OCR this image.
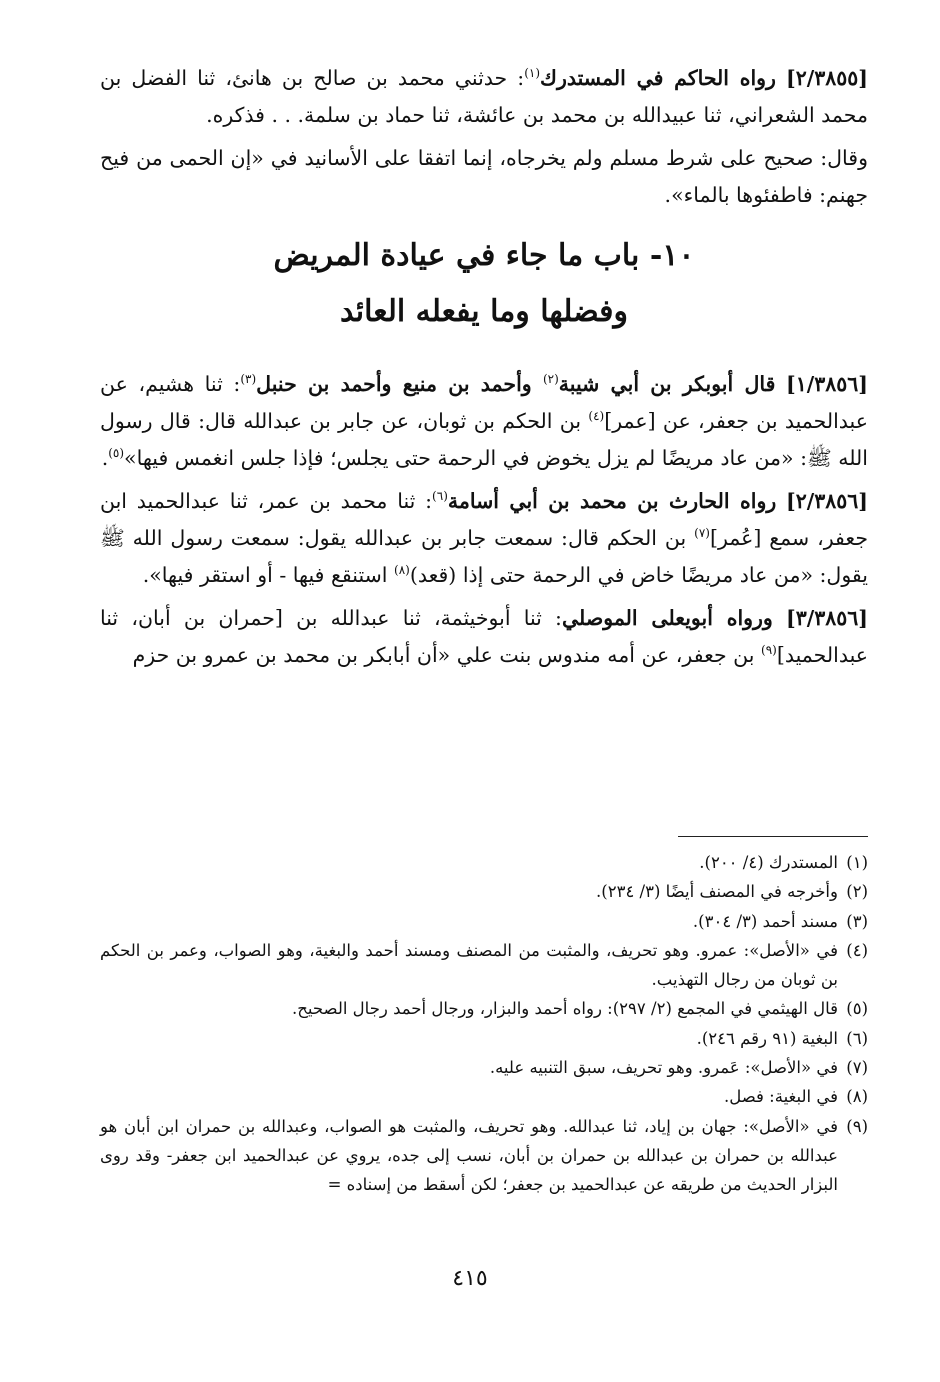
[٢/٣٨٥٥] رواه الحاكم في المستدرك$^{(١)}$: حدثني محمد بن صالح بن هانئ، ثنا الفضل بن محمد الشعراني، ثنا عبيدالله بن محمد بن عائشة، ثنا حماد بن سلمة. . . فذكره.

وقال: صحيح على شرط مسلم ولم يخرجاه، إنما اتفقا على الأسانيد في «إن الحمى من فيح جهنم: فاطفئوها بالماء».

١٠- باب ما جاء في عيادة المريض
وفضلها وما يفعله العائد

[١/٣٨٥٦] قال أبوبكر بن أبي شيبة$^{(٢)}$ وأحمد بن منيع وأحمد بن حنبل$^{(٣)}$: ثنا هشيم، عن عبدالحميد بن جعفر، عن [عمر]$^{(٤)}$ بن الحكم بن ثوبان، عن جابر بن عبدالله قال: قال رسول الله ﷺ: «من عاد مريضًا لم يزل يخوض في الرحمة حتى يجلس؛ فإذا جلس انغمس فيها»$^{(٥)}$.

[٢/٣٨٥٦] رواه الحارث بن محمد بن أبي أسامة$^{(٦)}$: ثنا محمد بن عمر، ثنا عبدالحميد ابن جعفر، سمع [عُمر]$^{(٧)}$ بن الحكم قال: سمعت جابر بن عبدالله يقول: سمعت رسول الله ﷺ يقول: «من عاد مريضًا خاض في الرحمة حتى إذا (قعد)$^{(٨)}$ استنقع فيها - أو استقر فيها».

[٣/٣٨٥٦] ورواه أبويعلى الموصلي: ثنا أبوخيثمة، ثنا عبدالله بن [حمران بن أبان، ثنا عبدالحميد]$^{(٩)}$ بن جعفر، عن أمه مندوس بنت علي «أن أبابكر بن محمد بن عمرو بن حزم

(١)
المستدرك (٤/ ٢٠٠).

(٢)
وأخرجه في المصنف أيضًا (٣/ ٢٣٤).

(٣)
مسند أحمد (٣/ ٣٠٤).

(٤)
في «الأصل»: عمرو. وهو تحريف، والمثبت من المصنف ومسند أحمد والبغية، وهو الصواب، وعمر بن الحكم بن ثوبان من رجال التهذيب.

(٥)
قال الهيثمي في المجمع (٢/ ٢٩٧): رواه أحمد والبزار، ورجال أحمد رجال الصحيح.

(٦)
البغية (٩١ رقم ٢٤٦).

(٧)
في «الأصل»: عَمرو. وهو تحريف، سبق التنبيه عليه.

(٨)
في البغية: فصل.

(٩)
في «الأصل»: جهان بن إياد، ثنا عبدالله. وهو تحريف، والمثبت هو الصواب، وعبدالله بن حمران ابن أبان هو عبدالله بن حمران بن عبدالله بن حمران بن أبان، نسب إلى جده، يروي عن عبدالحميد ابن جعفر- وقد روى البزار الحديث من طريقه عن عبدالحميد بن جعفر؛ لكن أسقط من إسناده =

٤١٥
